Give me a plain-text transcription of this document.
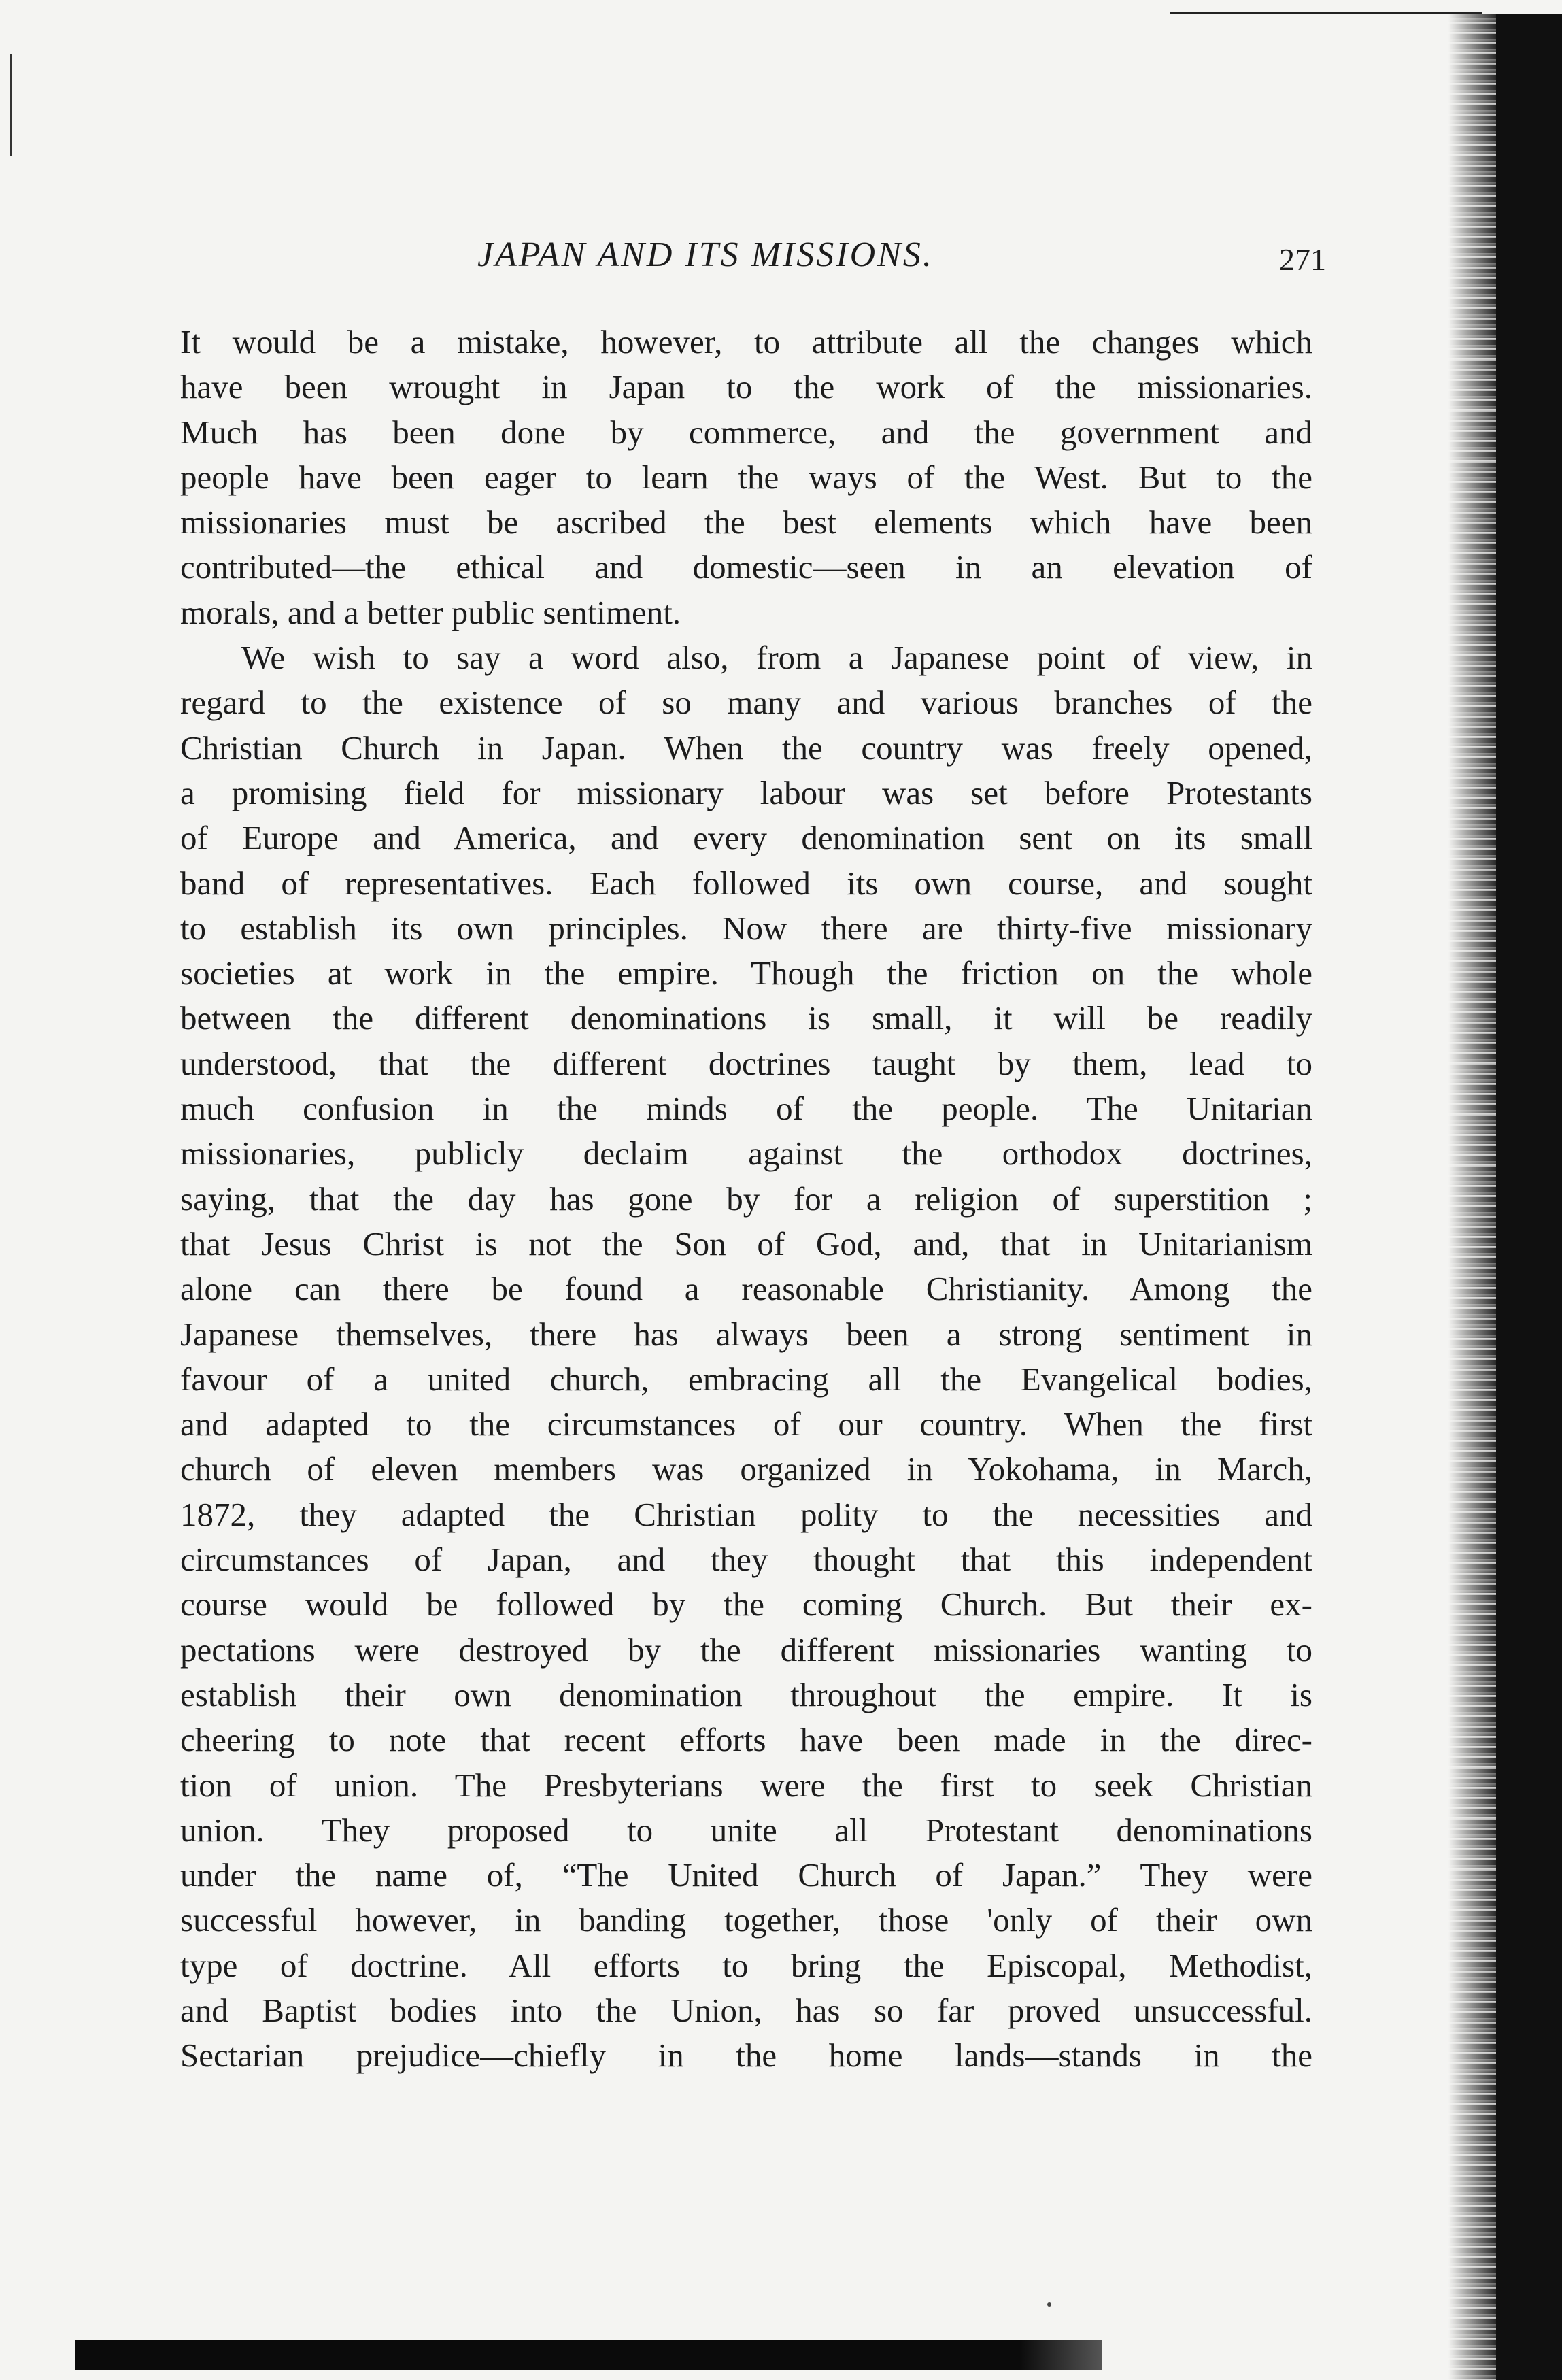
JAPAN AND ITS MISSIONS.	271
It would be a mistake, however, to attribute all the changes which
have been wrought in Japan to the work of the missionaries.
Much has been done by commerce, and the government and
people have been eager to learn the ways of the West. But to the
missionaries must be ascribed the best elements which have been
contributed—the ethical and domestic—seen in an elevation of
morals, and a better public sentiment.
We wish to say a word also, from a Japanese point of view, in
regard to the existence of so many and various branches of the
Christian Church in Japan. When the country was freely opened,
a promising field for missionary labour was set before Protestants
of Europe and America, and every denomination sent on its small
band of representatives. Each followed its own course, and sought
to establish its own principles. Now there are thirty-five missionary
societies at work in the empire. Though the friction on the whole
between the different denominations is small, it will be readily
understood, that the different doctrines taught by them, lead to
much confusion in the minds of the people. The Unitarian
missionaries, publicly declaim against the orthodox doctrines,
saying, that the day has gone by for a religion of superstition ;
that Jesus Christ is not the Son of God, and, that in Unitarianism
alone can there be found a reasonable Christianity. Among the
Japanese themselves, there has always been a strong sentiment in
favour of a united church, embracing all the Evangelical bodies,
and adapted to the circumstances of our country. When the first
church of eleven members was organized in Yokohama, in March,
1872, they adapted the Christian polity to the necessities and
circumstances of Japan, and they thought that this independent
course would be followed by the coming Church. But their ex-
pectations were destroyed by the different missionaries wanting to
establish their own denomination throughout the empire. It is
cheering to note that recent efforts have been made in the direc-
tion of union. The Presbyterians were the first to seek Christian
union. They proposed to unite all Protestant denominations
under the name of, “The United Church of Japan.” They were
successful however, in banding together, those 'only of their own
type of doctrine. All efforts to bring the Episcopal, Methodist,
and Baptist bodies into the Union, has so far proved unsuccessful.
Sectarian prejudice—chiefly in the home lands—stands in the
